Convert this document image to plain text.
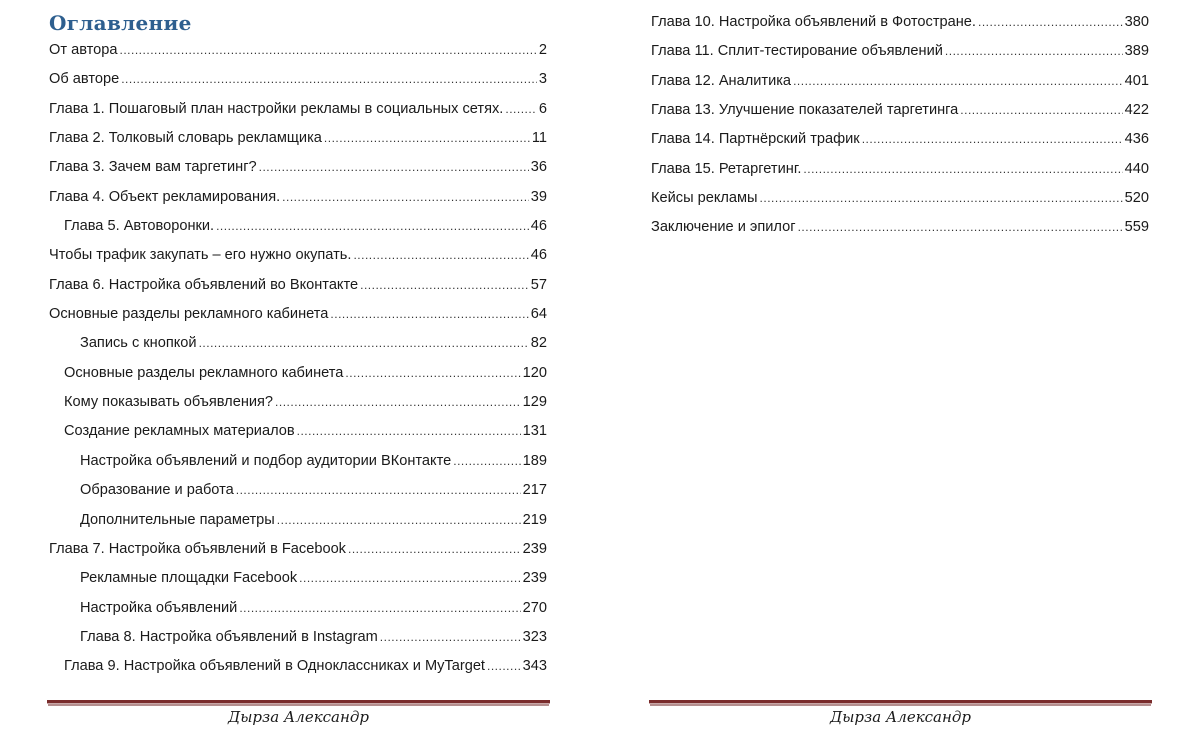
Оглавление
От автора .....	2
Об авторе .....	3
Глава 1. Пошаговый план настройки рекламы в социальных сетях. ..... 6
Глава 2. Толковый словарь рекламщика .....	11
Глава 3. Зачем вам таргетинг? .....	36
Глава 4. Объект рекламирования. .....	39
Глава 5. Автоворонки. .....	46
Чтобы трафик закупать – его нужно окупать. .....	46
Глава 6. Настройка объявлений во Вконтакте .....	57
Основные разделы рекламного кабинета .....	64
Запись с кнопкой .....	82
Основные разделы рекламного кабинета .....	120
Кому показывать объявления? .....	129
Создание рекламных материалов .....	131
Настройка объявлений и подбор аудитории ВКонтакте .....	189
Образование и работа .....	217
Дополнительные параметры .....	219
Глава 7. Настройка объявлений в Facebook .....	239
Рекламные площадки Facebook .....	239
Настройка объявлений .....	270
Глава 8. Настройка объявлений в Instagram .....	323
Глава 9. Настройка объявлений в Одноклассниках и MyTarget .....	343
Глава 10. Настройка объявлений в Фотостране. .....	380
Глава 11. Сплит-тестирование объявлений .....	389
Глава 12. Аналитика .....	401
Глава 13. Улучшение показателей таргетинга .....	422
Глава 14. Партнёрский трафик .....	436
Глава 15. Ретаргетинг. .....	440
Кейсы рекламы .....	520
Заключение и эпилог .....	559
Дырза Александр	Дырза Александр
